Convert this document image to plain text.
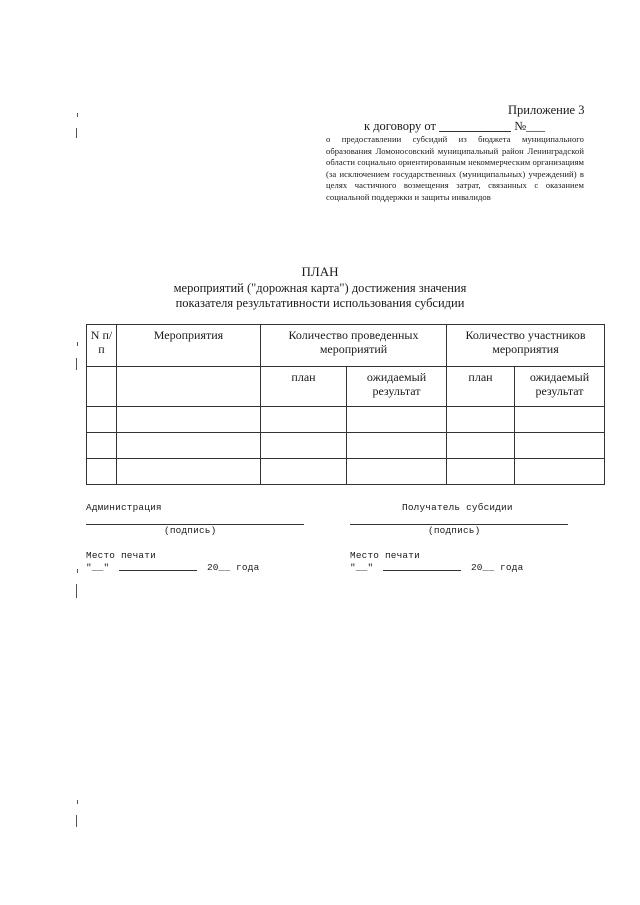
Приложение 3
к договору от	№___
о предоставлении субсидий из бюджета муниципального образования Ломоносовский муниципальный район Ленинградской области социально ориентированным некоммерческим организациям (за исключением государственных (муниципальных) учреждений) в целях частичного возмещения затрат, связанных с оказанием социальной поддержки и защиты инвалидов
ПЛАН
мероприятий ("дорожная карта") достижения значения
показателя результативности использования субсидии
N п/п	Мероприятия	Количество проведенных мероприятий		Количество участников мероприятия	
		план	ожидаемый результат	план	ожидаемый результат

Администрация
(подпись)
Место печати
"__"	20__ года
Получатель субсидии
(подпись)
Место печати
"__"	20__ года
